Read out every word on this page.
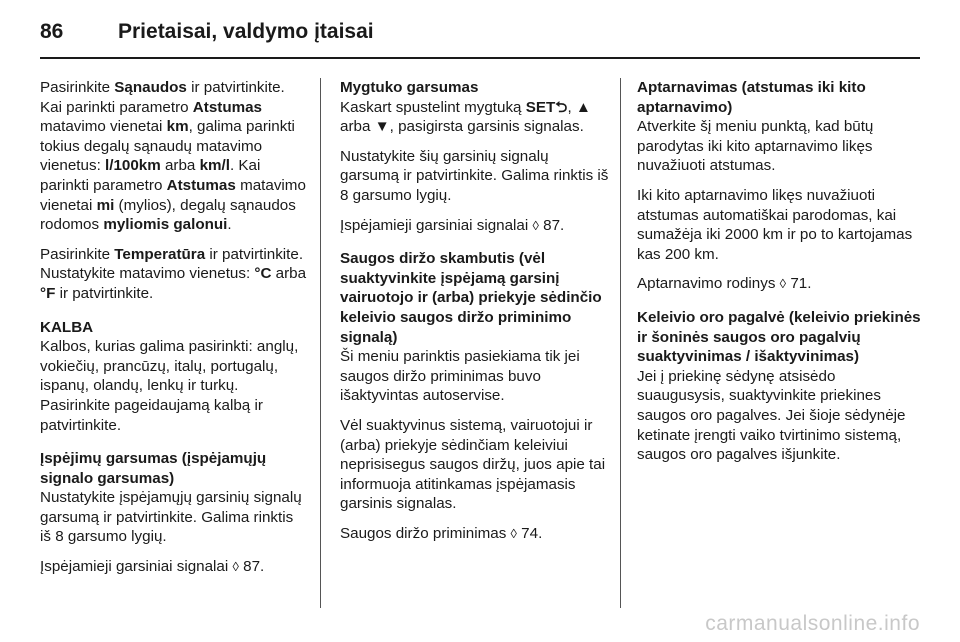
86	Prietaisai, valdymo įtaisai

Pasirinkite Sąnaudos ir patvirtinkite. Kai parinkti parametro Atstumas matavimo vienetai km, galima parinkti tokius degalų sąnaudų matavimo vienetus: l/100km arba km/l. Kai parinkti parametro Atstumas matavimo vienetai mi (mylios), degalų sąnaudos rodomos myliomis galonui.

Pasirinkite Temperatūra ir patvirtinkite. Nustatykite matavimo vienetus: °C arba °F ir patvirtinkite.

KALBA

Kalbos, kurias galima pasirinkti: anglų, vokiečių, prancūzų, italų, portugalų, ispanų, olandų, lenkų ir turkų. Pasirinkite pageidaujamą kalbą ir patvirtinkite.

Įspėjimų garsumas (įspėjamųjų signalo garsumas)

Nustatykite įspėjamųjų garsinių signalų garsumą ir patvirtinkite. Galima rinktis iš 8 garsumo lygių.

Įspėjamieji garsiniai signalai ◊ 87.

Mygtuko garsumas

Kaskart spustelint mygtuką SET⮌, ▲ arba ▼, pasigirsta garsinis signalas.

Nustatykite šių garsinių signalų garsumą ir patvirtinkite. Galima rinktis iš 8 garsumo lygių.

Įspėjamieji garsiniai signalai ◊ 87.

Saugos diržo skambutis (vėl suaktyvinkite įspėjamą garsinį vairuotojo ir (arba) priekyje sėdinčio keleivio saugos diržo priminimo signalą)

Ši meniu parinktis pasiekiama tik jei saugos diržo priminimas buvo išaktyvintas autoservise.

Vėl suaktyvinus sistemą, vairuotojui ir (arba) priekyje sėdinčiam keleiviui neprisisegus saugos diržų, juos apie tai informuoja atitinkamas įspėjamasis garsinis signalas.

Saugos diržo priminimas ◊ 74.

Aptarnavimas (atstumas iki kito aptarnavimo)

Atverkite šį meniu punktą, kad būtų parodytas iki kito aptarnavimo likęs nuvažiuoti atstumas.

Iki kito aptarnavimo likęs nuvažiuoti atstumas automatiškai parodomas, kai sumažėja iki 2000 km ir po to kartojamas kas 200 km.

Aptarnavimo rodinys ◊ 71.

Keleivio oro pagalvė (keleivio priekinės ir šoninės saugos oro pagalvių suaktyvinimas / išaktyvinimas)

Jei į priekinę sėdynę atsisėdo suaugusysis, suaktyvinkite priekines saugos oro pagalves. Jei šioje sėdynėje ketinate įrengti vaiko tvirtinimo sistemą, saugos oro pagalves išjunkite.

carmanualsonline.info
